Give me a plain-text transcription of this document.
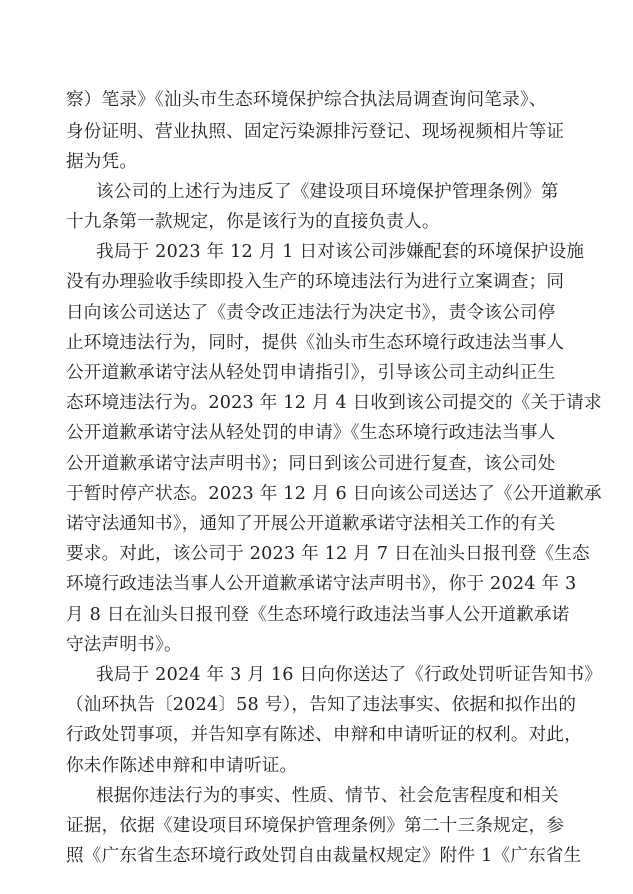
察）笔录》《汕头市生态环境保护综合执法局调查询问笔录》、
身份证明、营业执照、固定污染源排污登记、现场视频相片等证
据为凭。
该公司的上述行为违反了《建设项目环境保护管理条例》第
十九条第一款规定，你是该行为的直接负责人。
我局于 2023 年 12 月 1 日对该公司涉嫌配套的环境保护设施
没有办理验收手续即投入生产的环境违法行为进行立案调查；同
日向该公司送达了《责令改正违法行为决定书》，责令该公司停
止环境违法行为，同时，提供《汕头市生态环境行政违法当事人
公开道歉承诺守法从轻处罚申请指引》，引导该公司主动纠正生
态环境违法行为。2023 年 12 月 4 日收到该公司提交的《关于请求
公开道歉承诺守法从轻处罚的申请》《生态环境行政违法当事人
公开道歉承诺守法声明书》；同日到该公司进行复查，该公司处
于暂时停产状态。2023 年 12 月 6 日向该公司送达了《公开道歉承
诺守法通知书》，通知了开展公开道歉承诺守法相关工作的有关
要求。对此，该公司于 2023 年 12 月 7 日在汕头日报刊登《生态
环境行政违法当事人公开道歉承诺守法声明书》，你于 2024 年 3
月 8 日在汕头日报刊登《生态环境行政违法当事人公开道歉承诺
守法声明书》。
我局于 2024 年 3 月 16 日向你送达了《行政处罚听证告知书》
（汕环执告〔2024〕58 号），告知了违法事实、依据和拟作出的
行政处罚事项，并告知享有陈述、申辩和申请听证的权利。对此，
你未作陈述申辩和申请听证。
根据你违法行为的事实、性质、情节、社会危害程度和相关
证据，依据《建设项目环境保护管理条例》第二十三条规定，参
照《广东省生态环境行政处罚自由裁量权规定》附件 1《广东省生
